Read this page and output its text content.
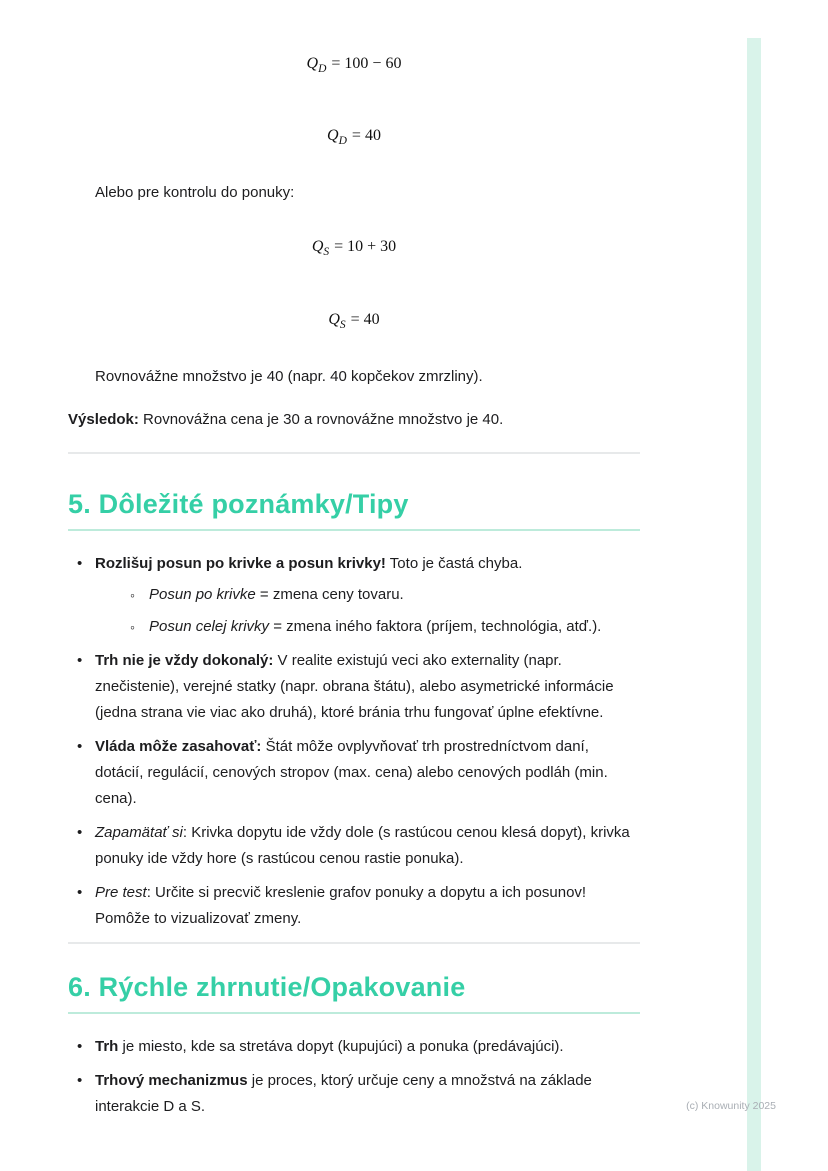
$Q_D = 100 - 60$

$Q_D = 40$

Alebo pre kontrolu do ponuky:

$Q_S = 10 + 30$

$Q_S = 40$

Rovnovážne množstvo je 40 (napr. 40 kopčekov zmrzliny).

Výsledok: Rovnovážna cena je 30 a rovnovážne množstvo je 40.

5. Dôležité poznámky/Tipy
• Rozlišuj posun po krivke a posun krivky! Toto je častá chyba.
◦ Posun po krivke = zmena ceny tovaru.
◦ Posun celej krivky = zmena iného faktora (príjem, technológia, atď.).
• Trh nie je vždy dokonalý: V realite existujú veci ako externality (napr. znečistenie), verejné statky (napr. obrana štátu), alebo asymetrické informácie (jedna strana vie viac ako druhá), ktoré bránia trhu fungovať úplne efektívne.
• Vláda môže zasahovať: Štát môže ovplyvňovať trh prostredníctvom daní, dotácií, regulácií, cenových stropov (max. cena) alebo cenových podláh (min. cena).
• Zapamätať si: Krivka dopytu ide vždy dole (s rastúcou cenou klesá dopyt), krivka ponuky ide vždy hore (s rastúcou cenou rastie ponuka).
• Pre test: Určite si precvič kreslenie grafov ponuky a dopytu a ich posunov! Pomôže to vizualizovať zmeny.
6. Rýchle zhrnutie/Opakovanie
• Trh je miesto, kde sa stretáva dopyt (kupujúci) a ponuka (predávajúci).
• Trhový mechanizmus je proces, ktorý určuje ceny a množstvá na základe interakcie D a S.	(c) Knowunity 2025
